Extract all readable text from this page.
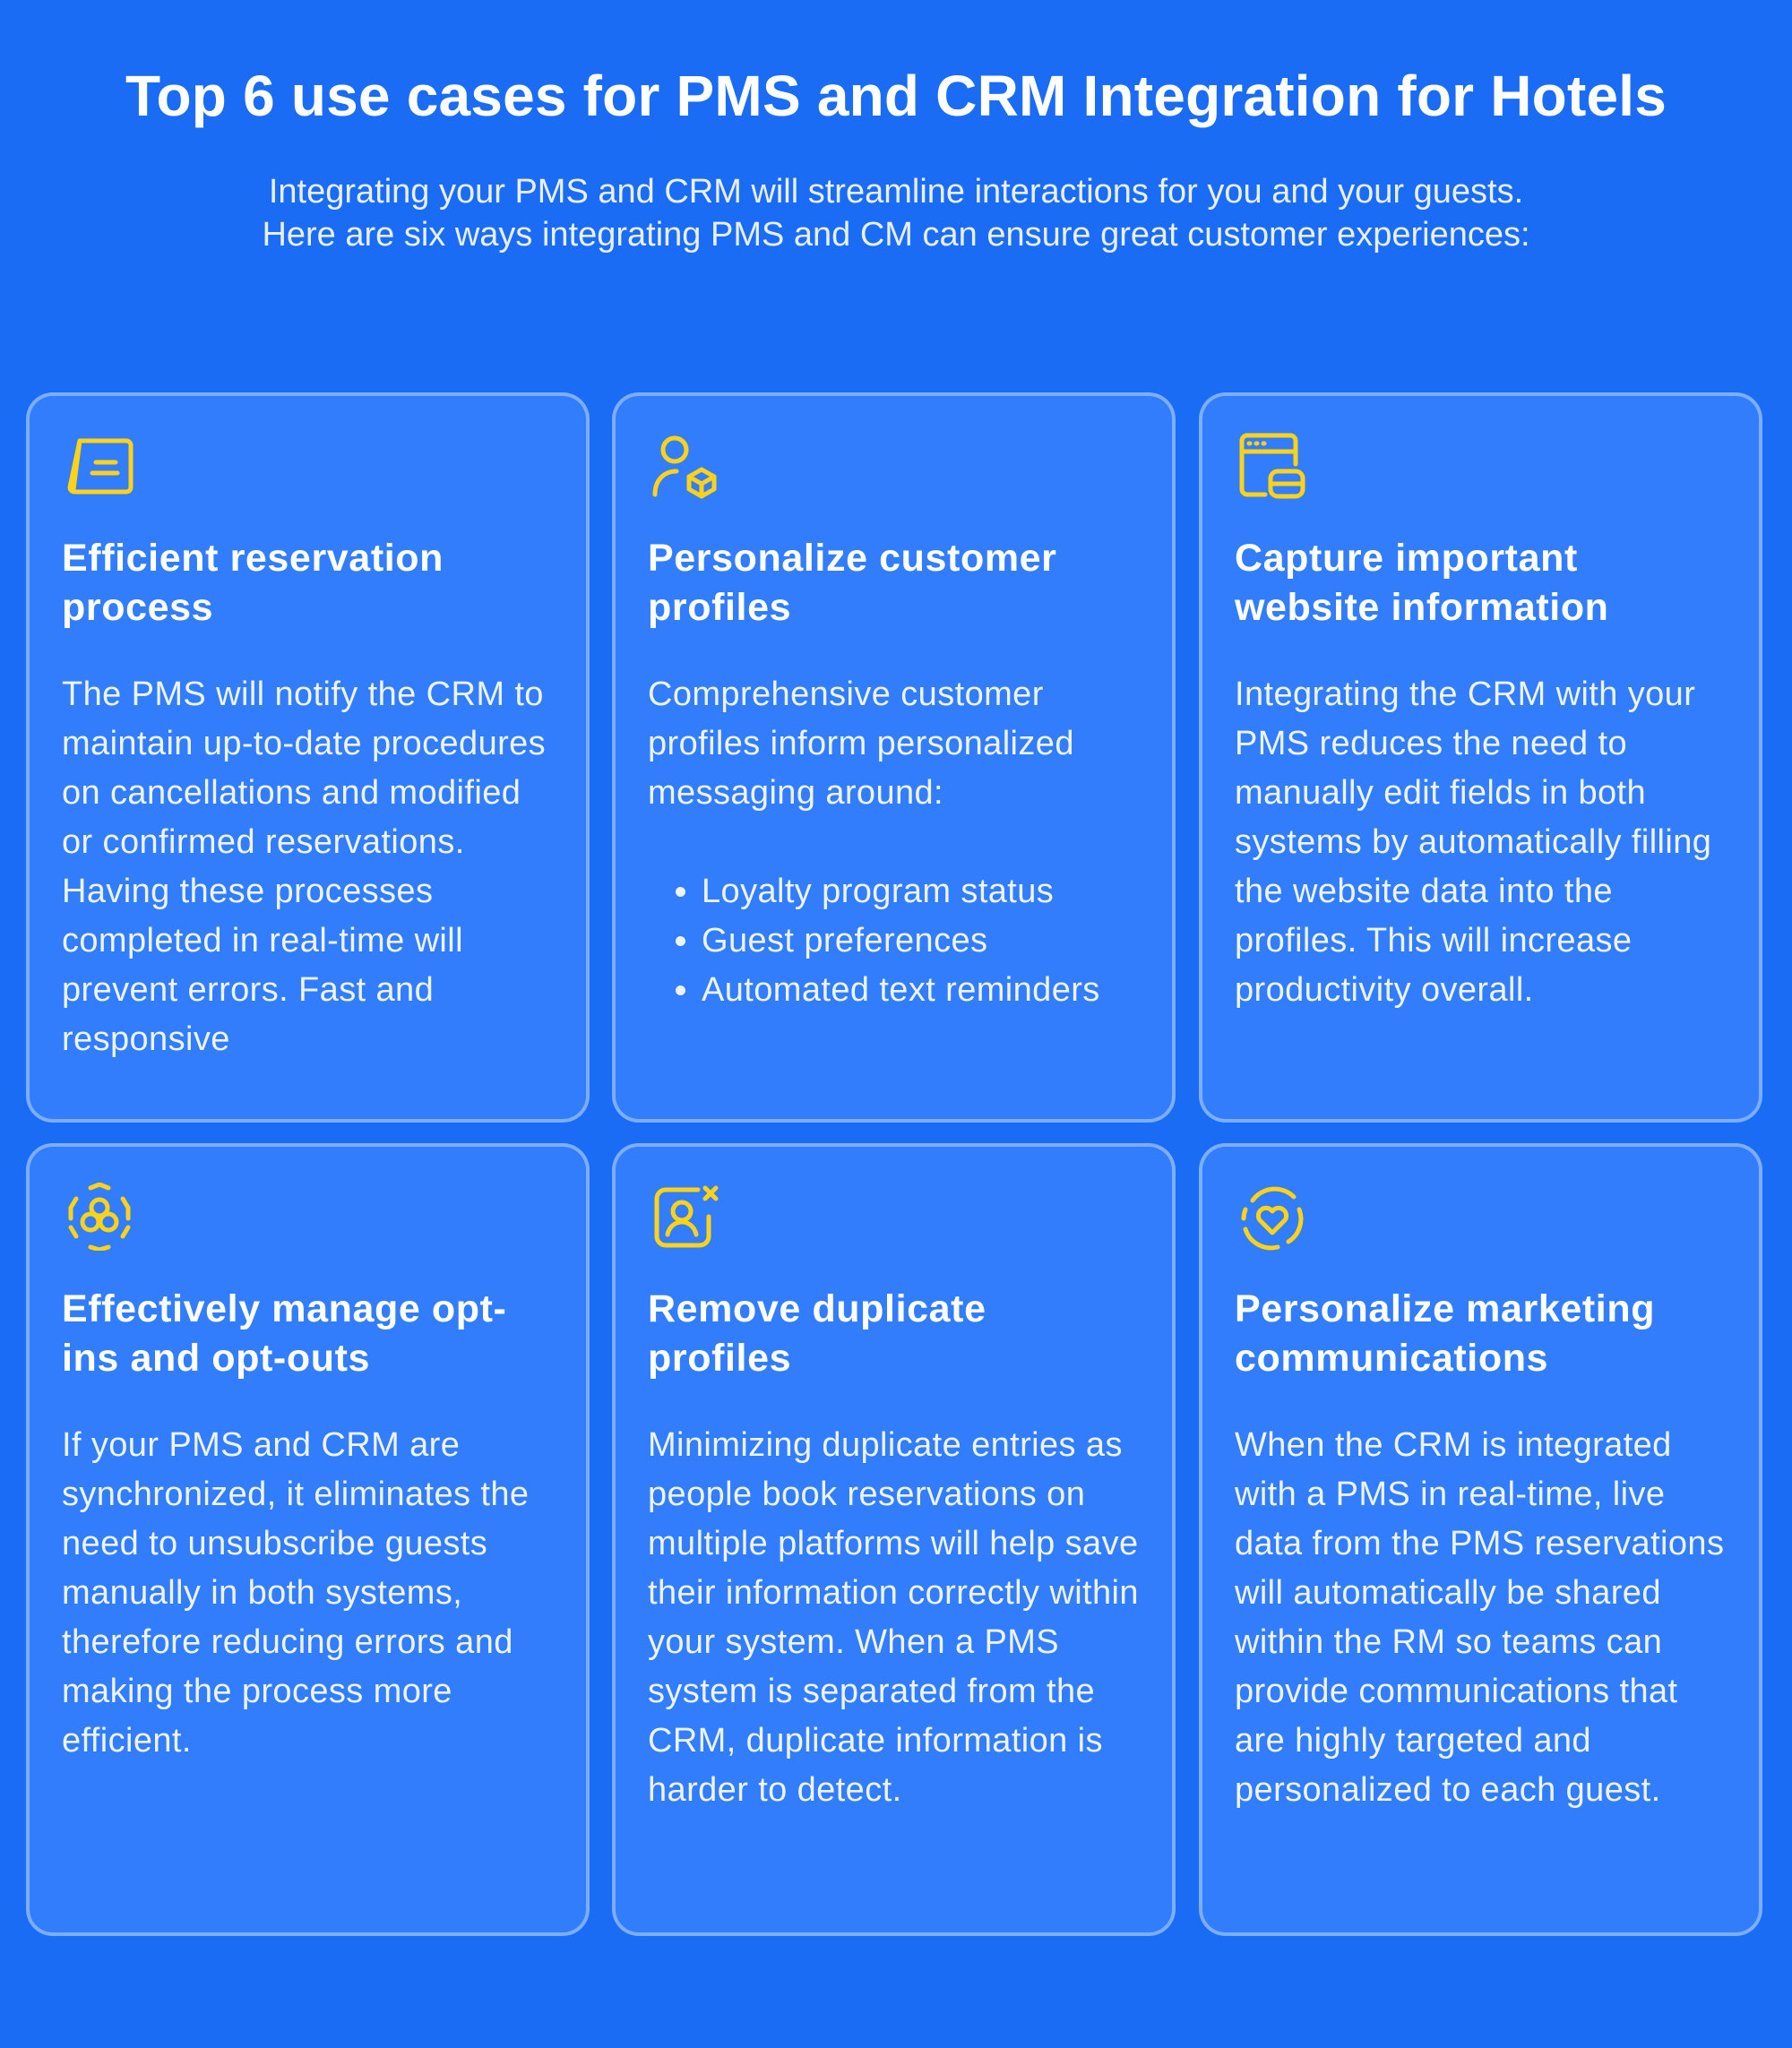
Top 6 use cases for PMS and CRM Integration for Hotels

Integrating your PMS and CRM will streamline interactions for you and your guests. Here are six ways integrating PMS and CM can ensure great customer experiences:

Efficient reservation process

The PMS will notify the CRM to maintain up-to-date procedures on cancellations and modified or confirmed reservations. Having these processes completed in real-time will prevent errors. Fast and responsive

Personalize customer profiles

Comprehensive customer profiles inform personalized messaging around:

• Loyalty program status
• Guest preferences
• Automated text reminders
Capture important website information

Integrating the CRM with your PMS reduces the need to manually edit fields in both systems by automatically filling the website data into the profiles. This will increase productivity overall.

Effectively manage opt-ins and opt-outs

If your PMS and CRM are synchronized, it eliminates the need to unsubscribe guests manually in both systems, therefore reducing errors and making the process more efficient.

Remove duplicate profiles

Minimizing duplicate entries as people book reservations on multiple platforms will help save their information correctly within your system. When a PMS system is separated from the CRM, duplicate information is harder to detect.

Personalize marketing communications

When the CRM is integrated with a PMS in real-time, live data from the PMS reservations will automatically be shared within the RM so teams can provide communications that are highly targeted and personalized to each guest.
